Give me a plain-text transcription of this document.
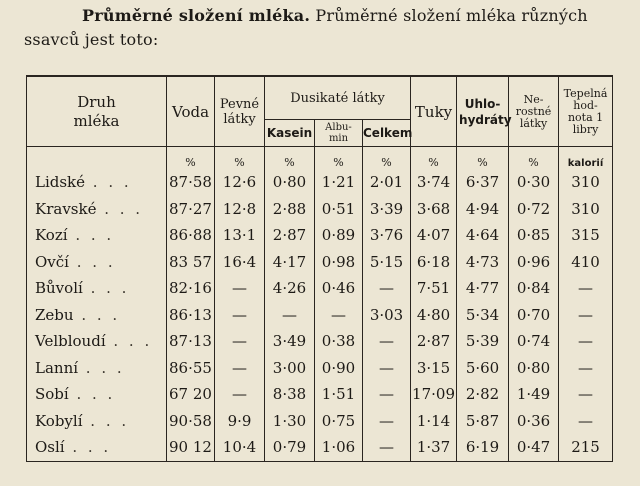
Průměrné složení mléka. Průměrné složení mléka různých ssavců jest toto:
Druh mléka	Voda	Pevné látky	Dusikaté látky			Tuky	Uhlo-hydráty	Ne-rostné látky	Tepelná hod-nota 1 libry
			Kasein	Albu-min	Celkem				
	%	%	%	%	%	%	%	%	kalorií
Lidské . . .	87·58	12·6	0·80	1·21	2·01	3·74	6·37	0·30	310
Kravské . . .	87·27	12·8	2·88	0·51	3·39	3·68	4·94	0·72	310
Kozí . . .	86·88	13·1	2·87	0·89	3·76	4·07	4·64	0·85	315
Ovčí . . .	83 57	16·4	4·17	0·98	5·15	6·18	4·73	0·96	410
Bůvolí . . .	82·16	—	4·26	0·46	—	7·51	4·77	0·84	—
Zebu . . .	86·13	—	—	—	3·03	4·80	5·34	0·70	—
Velbloudí . . .	87·13	—	3·49	0·38	—	2·87	5·39	0·74	—
Lanní . . .	86·55	—	3·00	0·90	—	3·15	5·60	0·80	—
Sobí . . .	67 20	—	8·38	1·51	—	17·09	2·82	1·49	—
Kobylí . . .	90·58	9·9	1·30	0·75	—	1·14	5·87	0·36	—
Oslí . . .	90 12	10·4	0·79	1·06	—	1·37	6·19	0·47	215
